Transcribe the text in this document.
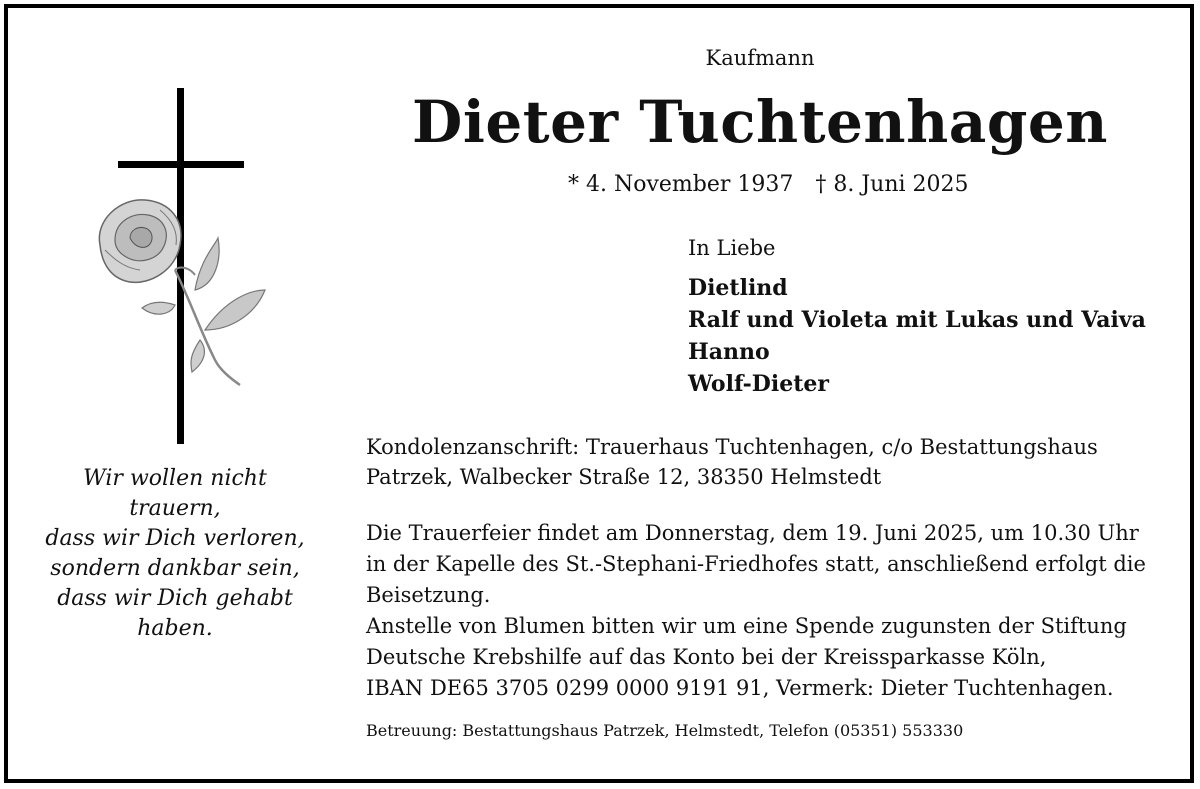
Wir wollen nicht
trauern,
dass wir Dich verloren,
sondern dankbar sein,
dass wir Dich gehabt
haben.
Kaufmann
Dieter Tuchtenhagen
* 4. November 1937 † 8. Juni 2025
In Liebe
Dietlind
Ralf und Violeta mit Lukas und Vaiva
Hanno
Wolf-Dieter
Kondolenzanschrift: Trauerhaus Tuchtenhagen, c/o Bestattungshaus
Patrzek, Walbecker Straße 12, 38350 Helmstedt
Die Trauerfeier findet am Donnerstag, dem 19. Juni 2025, um 10.30 Uhr
in der Kapelle des St.-Stephani-Friedhofes statt, anschließend erfolgt die
Beisetzung.
Anstelle von Blumen bitten wir um eine Spende zugunsten der Stiftung
Deutsche Krebshilfe auf das Konto bei der Kreissparkasse Köln,
IBAN DE65 3705 0299 0000 9191 91, Vermerk: Dieter Tuchtenhagen.
Betreuung: Bestattungshaus Patrzek, Helmstedt, Telefon (05351) 553330
